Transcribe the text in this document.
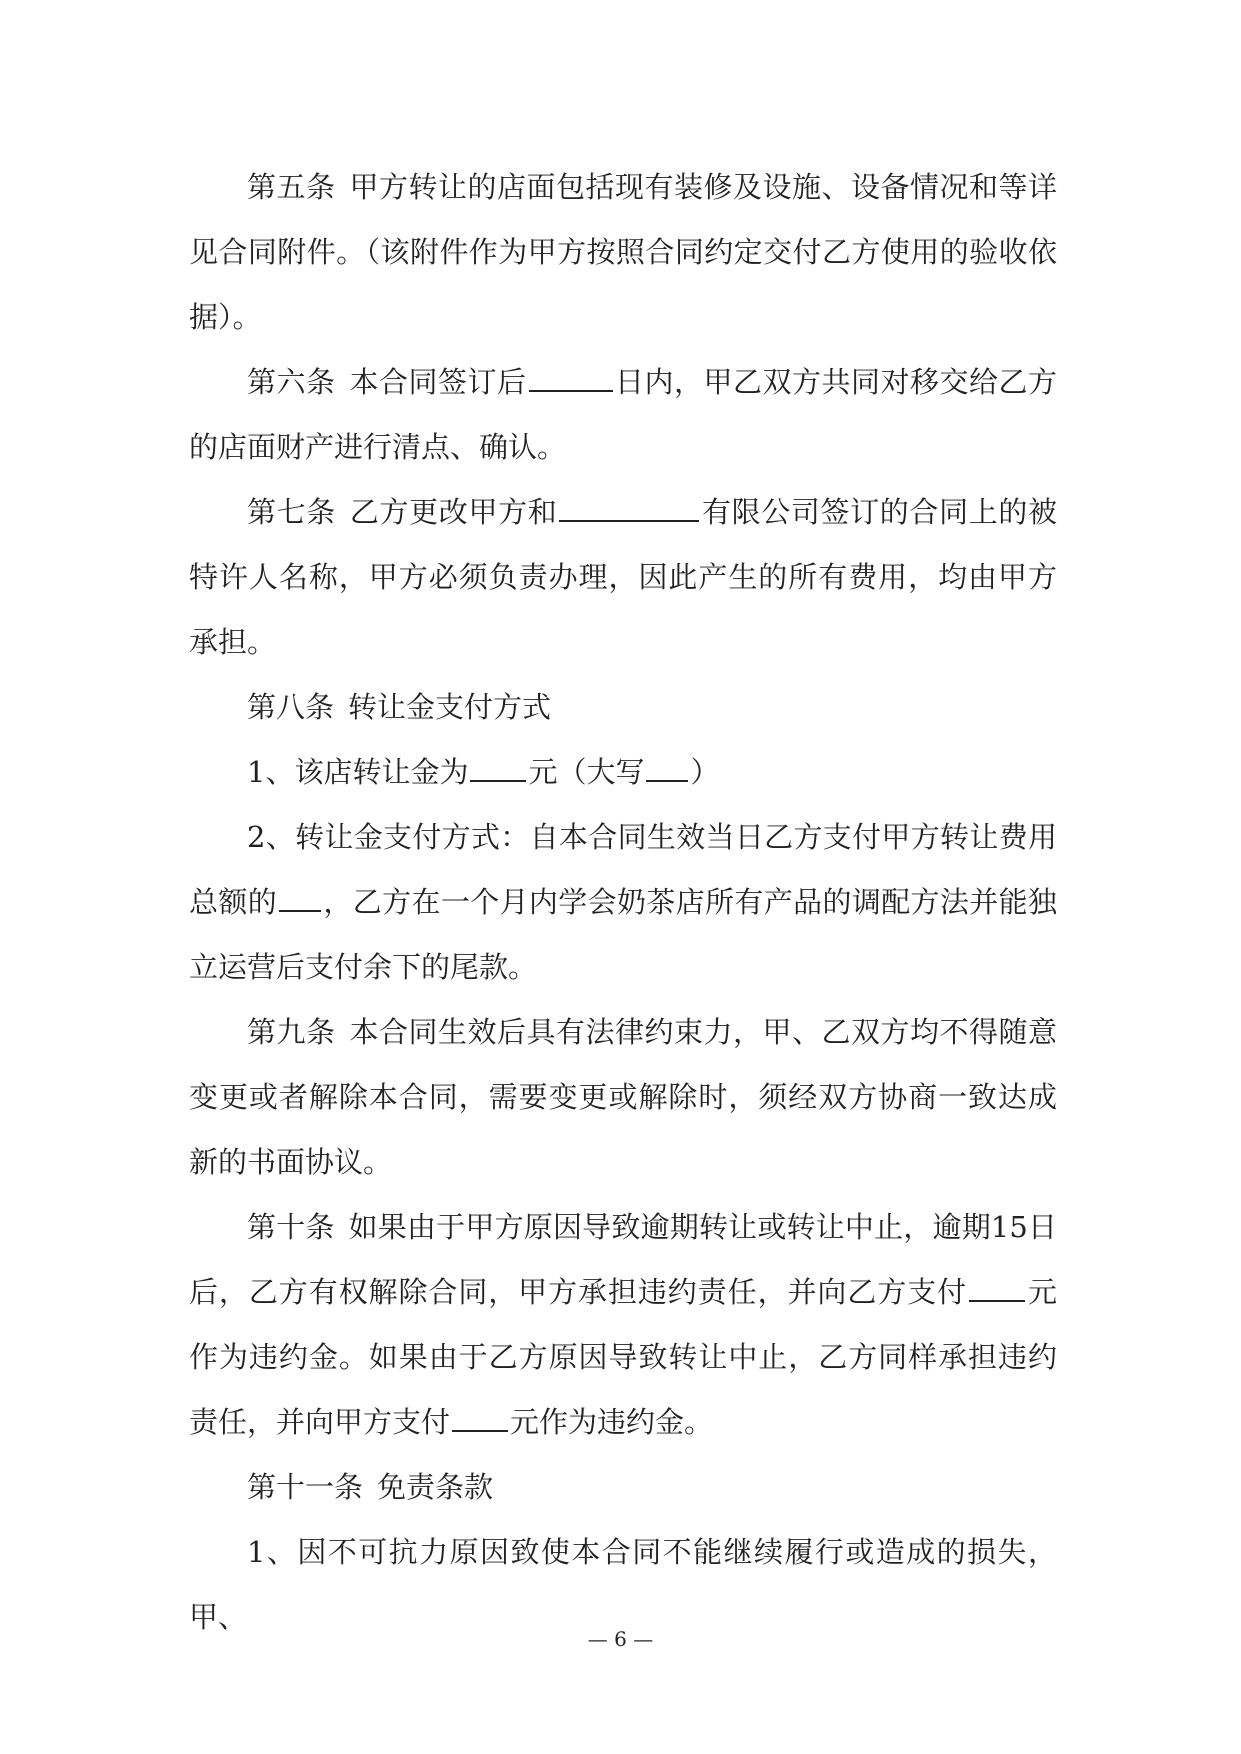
第五条 甲方转让的店面包括现有装修及设施、设备情况和等详见合同附件。（该附件作为甲方按照合同约定交付乙方使用的验收依据）。

第六条 本合同签订后	日内，甲乙双方共同对移交给乙方的店面财产进行清点、确认。

第七条 乙方更改甲方和	有限公司签订的合同上的被特许人名称，甲方必须负责办理，因此产生的所有费用，均由甲方承担。

第八条 转让金支付方式

1、该店转让金为 元（大写 ）

2、转让金支付方式：自本合同生效当日乙方支付甲方转让费用总额的 ，乙方在一个月内学会奶茶店所有产品的调配方法并能独立运营后支付余下的尾款。

第九条 本合同生效后具有法律约束力，甲、乙双方均不得随意变更或者解除本合同，需要变更或解除时，须经双方协商一致达成新的书面协议。

第十条 如果由于甲方原因导致逾期转让或转让中止，逾期15日后，乙方有权解除合同，甲方承担违约责任，并向乙方支付 元作为违约金。如果由于乙方原因导致转让中止，乙方同样承担违约责任，并向甲方支付 元作为违约金。

第十一条 免责条款

1、因不可抗力原因致使本合同不能继续履行或造成的损失，甲、

— 6 —
